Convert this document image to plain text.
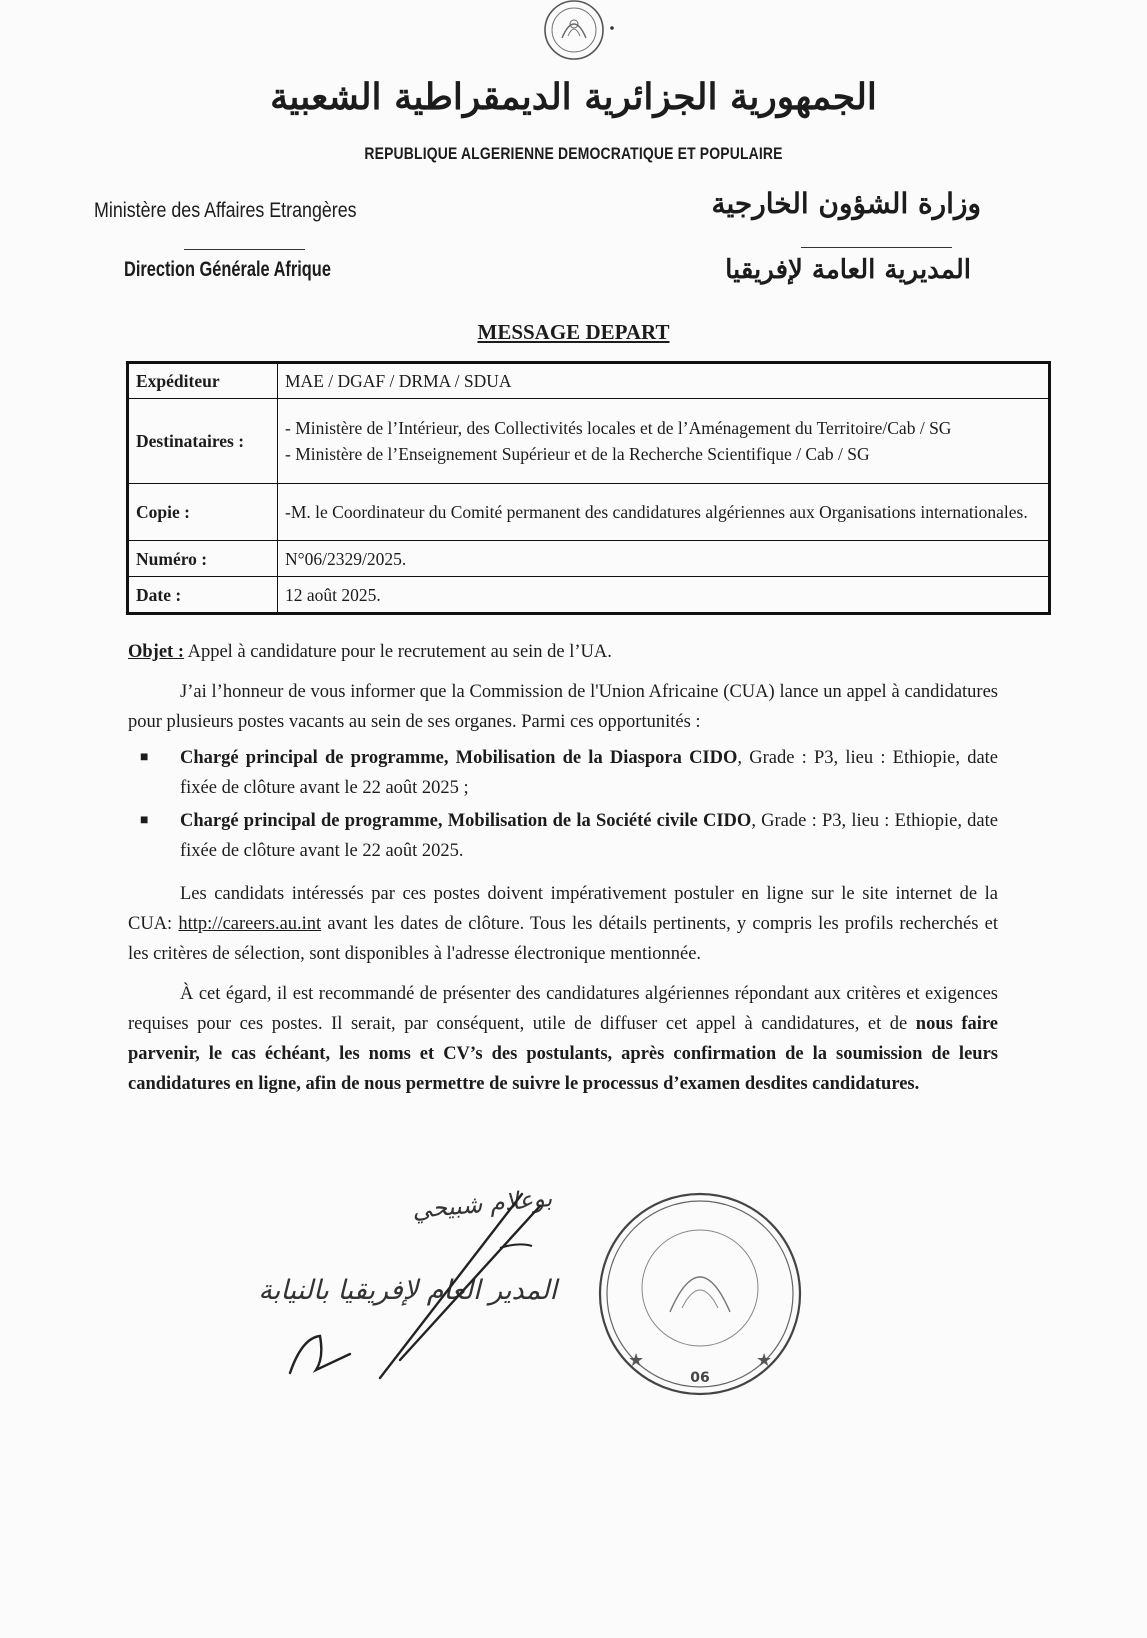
الجمهورية الجزائرية الديمقراطية الشعبية
REPUBLIQUE ALGERIENNE DEMOCRATIQUE ET POPULAIRE
Ministère des Affaires Etrangères	وزارة الشؤون الخارجية
Direction Générale Afrique	المديرية العامة لإفريقيا
MESSAGE DEPART
Expéditeur	MAE / DGAF / DRMA / SDUA
Destinataires :	- Ministère de l’Intérieur, des Collectivités locales et de l’Aménagement du Territoire/Cab / SG
- Ministère de l’Enseignement Supérieur et de la Recherche Scientifique / Cab / SG

Copie :	-M. le Coordinateur du Comité permanent des candidatures algériennes aux Organisations internationales.
Numéro :	N°06/2329/2025.
Date :	12 août 2025.

Objet : Appel à candidature pour le recrutement au sein de l’UA.

J’ai l’honneur de vous informer que la Commission de l'Union Africaine (CUA) lance un appel à candidatures pour plusieurs postes vacants au sein de ses organes. Parmi ces opportunités :

■ Chargé principal de programme, Mobilisation de la Diaspora CIDO, Grade : P3, lieu : Ethiopie, date fixée de clôture avant le 22 août 2025 ;
■ Chargé principal de programme, Mobilisation de la Société civile CIDO, Grade : P3, lieu : Ethiopie, date fixée de clôture avant le 22 août 2025.

Les candidats intéressés par ces postes doivent impérativement postuler en ligne sur le site internet de la CUA: http://careers.au.int avant les dates de clôture. Tous les détails pertinents, y compris les profils recherchés et les critères de sélection, sont disponibles à l'adresse électronique mentionnée.

À cet égard, il est recommandé de présenter des candidatures algériennes répondant aux critères et exigences requises pour ces postes. Il serait, par conséquent, utile de diffuser cet appel à candidatures, et de nous faire parvenir, le cas échéant, les noms et CV’s des postulants, après confirmation de la soumission de leurs candidatures en ligne, afin de nous permettre de suivre le processus d’examen desdites candidatures.

بوعلام شبيحي
المدير العام لإفريقيا بالنيابة
★	★
06
